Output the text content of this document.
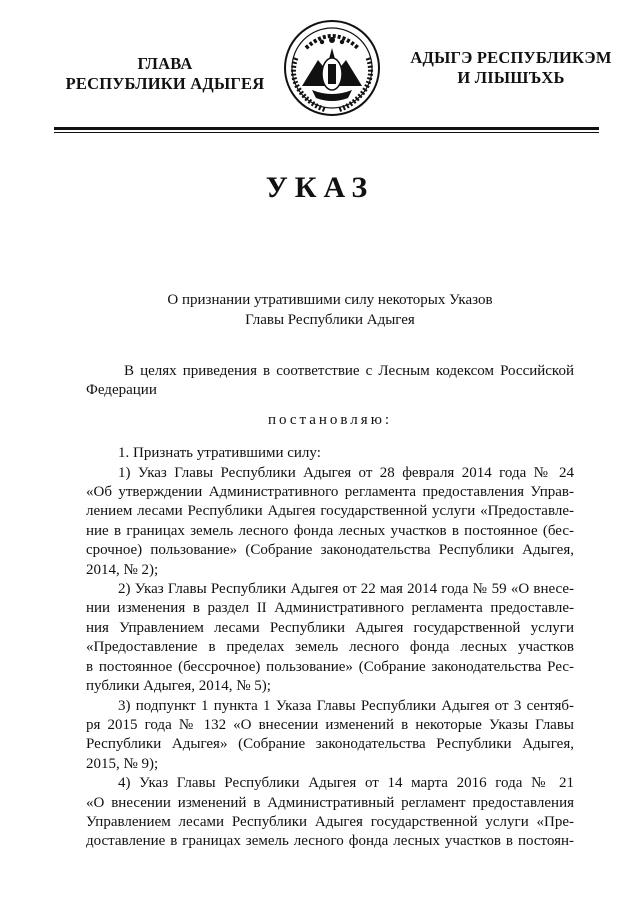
ГЛАВА
РЕСПУБЛИКИ АДЫГЕЯ
АДЫГЭ РЕСПУБЛИКЭМ
И ЛІЫШЪХЬ
УКАЗ
О признании утратившими силу некоторых Указов
Главы Республики Адыгея

В целях приведения в соответствие с Лесным кодексом Российской
Федерации

постановляю:

1. Признать утратившими силу:

1) Указ Главы Республики Адыгея от 28 февраля 2014 года № 24
«Об утверждении Административного регламента предоставления Управ-
лением лесами Республики Адыгея государственной услуги «Предоставле-
ние в границах земель лесного фонда лесных участков в постоянное (бес-
срочное) пользование» (Собрание законодательства Республики Адыгея,
2014, № 2);

2) Указ Главы Республики Адыгея от 22 мая 2014 года № 59 «О внесе-
нии изменения в раздел II Административного регламента предоставле-
ния Управлением лесами Республики Адыгея государственной услуги
«Предоставление в пределах земель лесного фонда лесных участков
в постоянное (бессрочное) пользование» (Собрание законодательства Рес-
публики Адыгея, 2014, № 5);

3) подпункт 1 пункта 1 Указа Главы Республики Адыгея от 3 сентяб-
ря 2015 года № 132 «О внесении изменений в некоторые Указы Главы
Республики Адыгея» (Собрание законодательства Республики Адыгея,
2015, № 9);

4) Указ Главы Республики Адыгея от 14 марта 2016 года № 21
«О внесении изменений в Административный регламент предоставления
Управлением лесами Республики Адыгея государственной услуги «Пре-
доставление в границах земель лесного фонда лесных участков в постоян-
